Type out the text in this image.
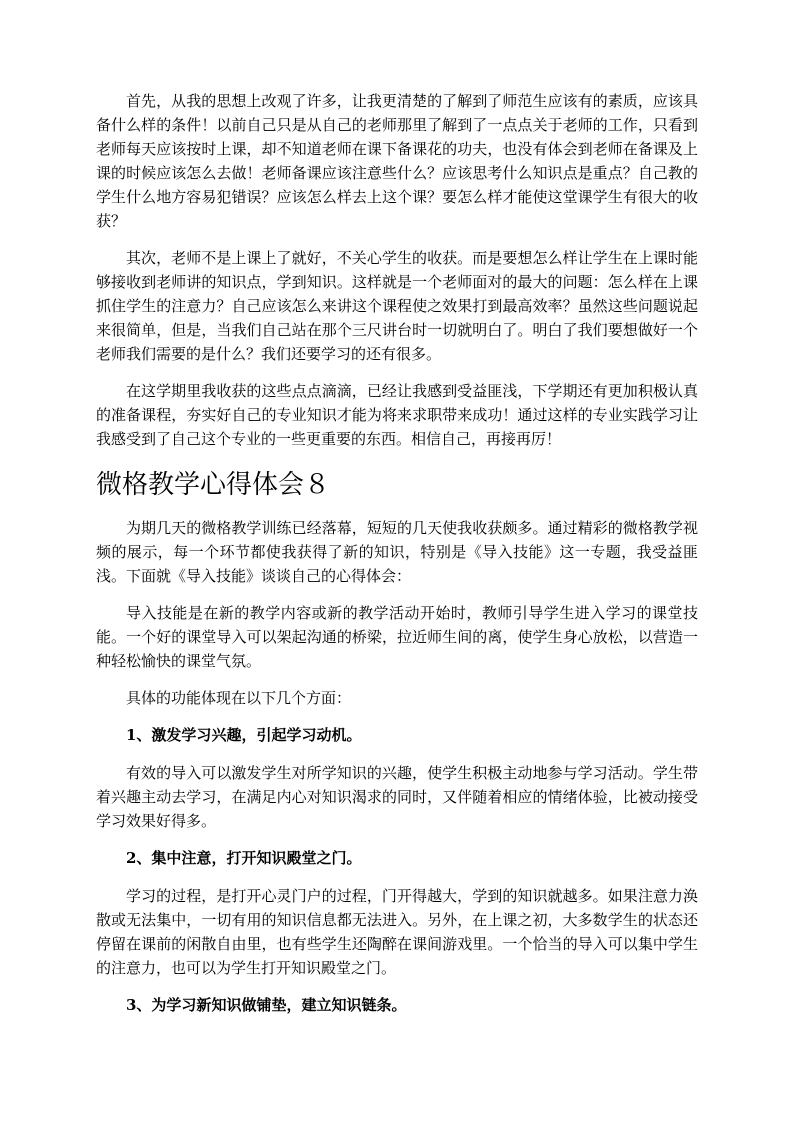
首先，从我的思想上改观了许多，让我更清楚的了解到了师范生应该有的素质，应该具备什么样的条件！以前自己只是从自己的老师那里了解到了一点点关于老师的工作，只看到老师每天应该按时上课，却不知道老师在课下备课花的功夫，也没有体会到老师在备课及上课的时候应该怎么去做！老师备课应该注意些什么？应该思考什么知识点是重点？自己教的学生什么地方容易犯错误？应该怎么样去上这个课？要怎么样才能使这堂课学生有很大的收获？

其次，老师不是上课上了就好，不关心学生的收获。而是要想怎么样让学生在上课时能够接收到老师讲的知识点，学到知识。这样就是一个老师面对的最大的问题：怎么样在上课抓住学生的注意力？自己应该怎么来讲这个课程使之效果打到最高效率？虽然这些问题说起来很简单，但是，当我们自己站在那个三尺讲台时一切就明白了。明白了我们要想做好一个老师我们需要的是什么？我们还要学习的还有很多。

在这学期里我收获的这些点点滴滴，已经让我感到受益匪浅，下学期还有更加积极认真的准备课程，夯实好自己的专业知识才能为将来求职带来成功！通过这样的专业实践学习让我感受到了自己这个专业的一些更重要的东西。相信自己，再接再厉！

微格教学心得体会８

为期几天的微格教学训练已经落幕，短短的几天使我收获颇多。通过精彩的微格教学视频的展示，每一个环节都使我获得了新的知识，特别是《导入技能》这一专题，我受益匪浅。下面就《导入技能》谈谈自己的心得体会：

导入技能是在新的教学内容或新的教学活动开始时，教师引导学生进入学习的课堂技能。一个好的课堂导入可以架起沟通的桥梁，拉近师生间的离，使学生身心放松，以营造一种轻松愉快的课堂气氛。

具体的功能体现在以下几个方面：

1、激发学习兴趣，引起学习动机。

有效的导入可以激发学生对所学知识的兴趣，使学生积极主动地参与学习活动。学生带着兴趣主动去学习，在满足内心对知识渴求的同时，又伴随着相应的情绪体验，比被动接受学习效果好得多。

2、集中注意，打开知识殿堂之门。

学习的过程，是打开心灵门户的过程，门开得越大，学到的知识就越多。如果注意力涣散或无法集中，一切有用的知识信息都无法进入。另外，在上课之初，大多数学生的状态还停留在课前的闲散自由里，也有些学生还陶醉在课间游戏里。一个恰当的导入可以集中学生的注意力，也可以为学生打开知识殿堂之门。

3、为学习新知识做铺垫，建立知识链条。
